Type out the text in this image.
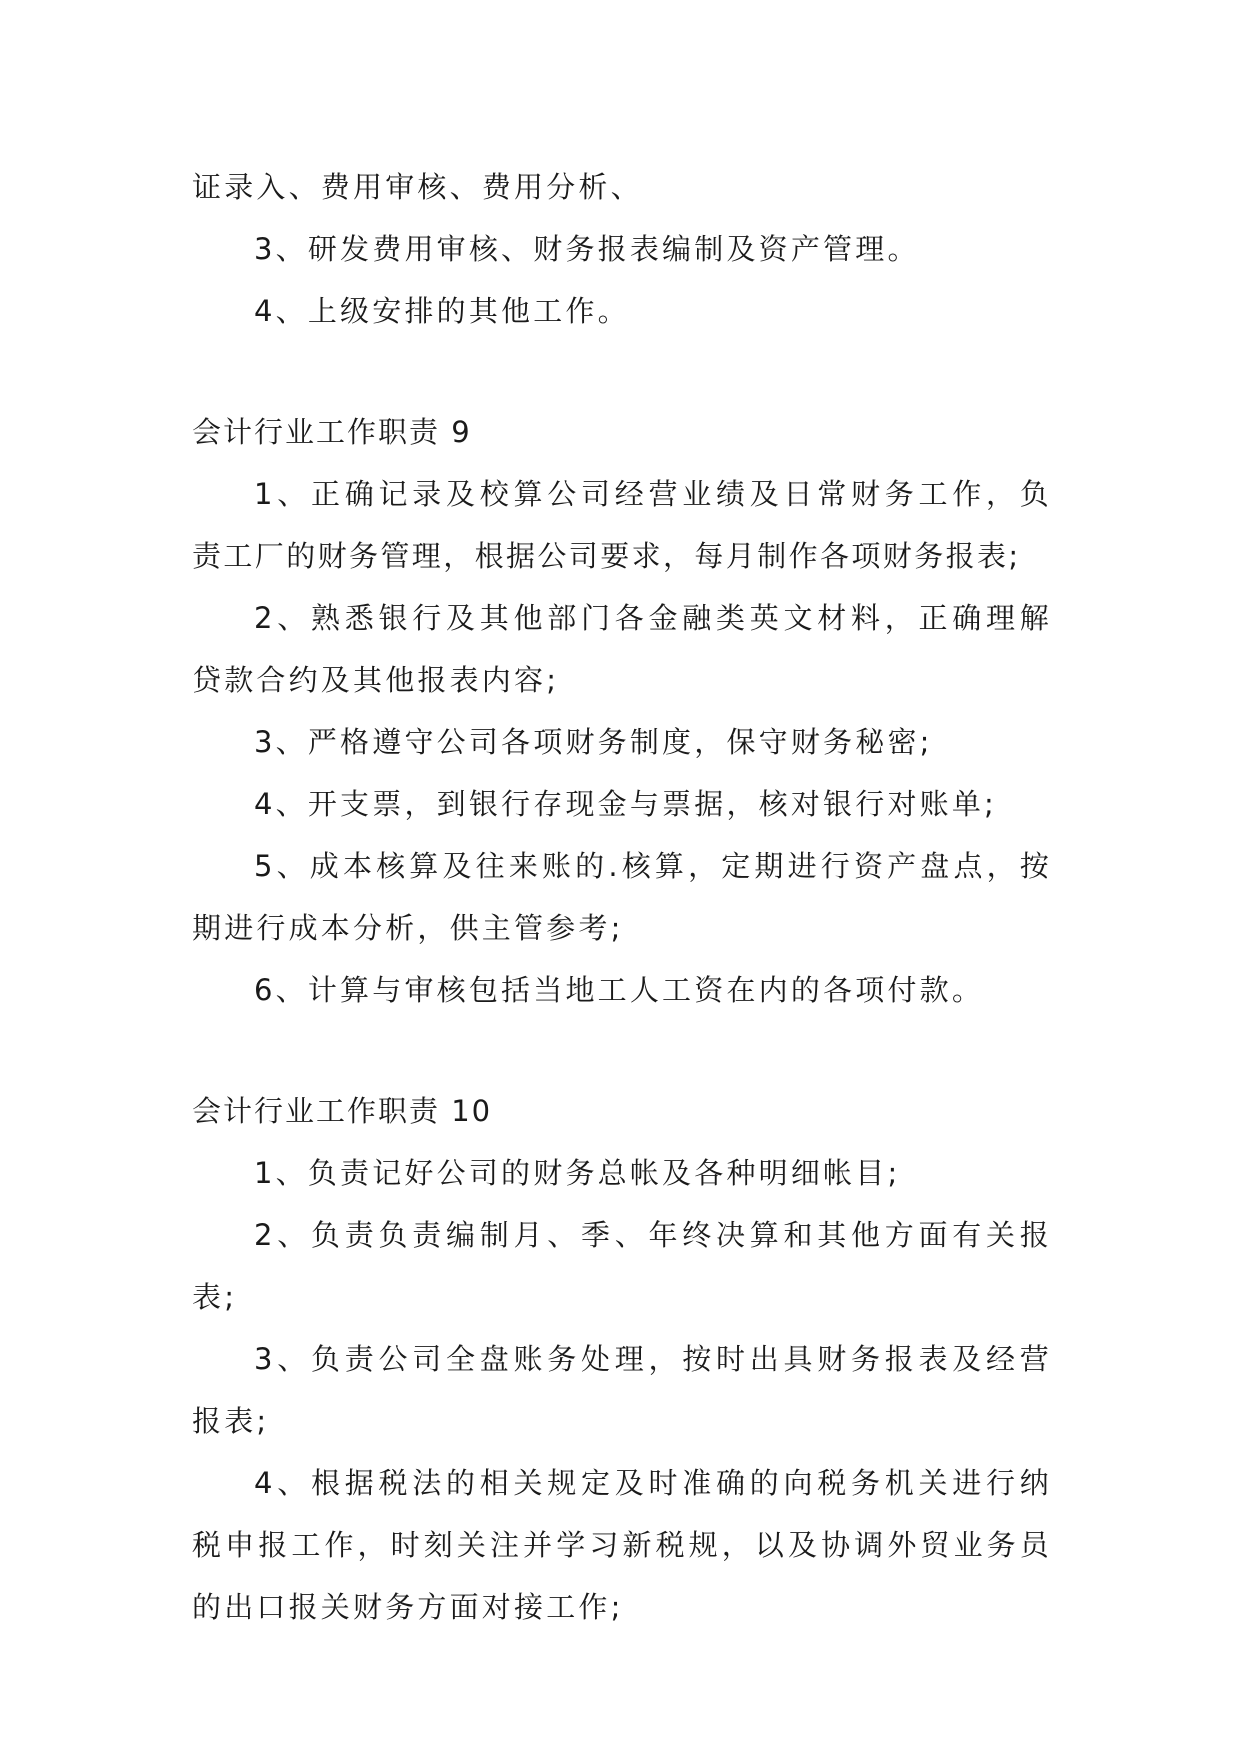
证录入、费用审核、费用分析、
3、研发费用审核、财务报表编制及资产管理。
4、上级安排的其他工作。
会计行业工作职责 9
1、正确记录及校算公司经营业绩及日常财务工作，负
责工厂的财务管理，根据公司要求，每月制作各项财务报表;
2、熟悉银行及其他部门各金融类英文材料，正确理解
贷款合约及其他报表内容;
3、严格遵守公司各项财务制度，保守财务秘密;
4、开支票，到银行存现金与票据，核对银行对账单;
5、成本核算及往来账的.核算，定期进行资产盘点，按
期进行成本分析，供主管参考;
6、计算与审核包括当地工人工资在内的各项付款。
会计行业工作职责 10
1、负责记好公司的财务总帐及各种明细帐目;
2、负责负责编制月、季、年终决算和其他方面有关报
表;
3、负责公司全盘账务处理，按时出具财务报表及经营
报表;
4、根据税法的相关规定及时准确的向税务机关进行纳
税申报工作，时刻关注并学习新税规，以及协调外贸业务员
的出口报关财务方面对接工作;
